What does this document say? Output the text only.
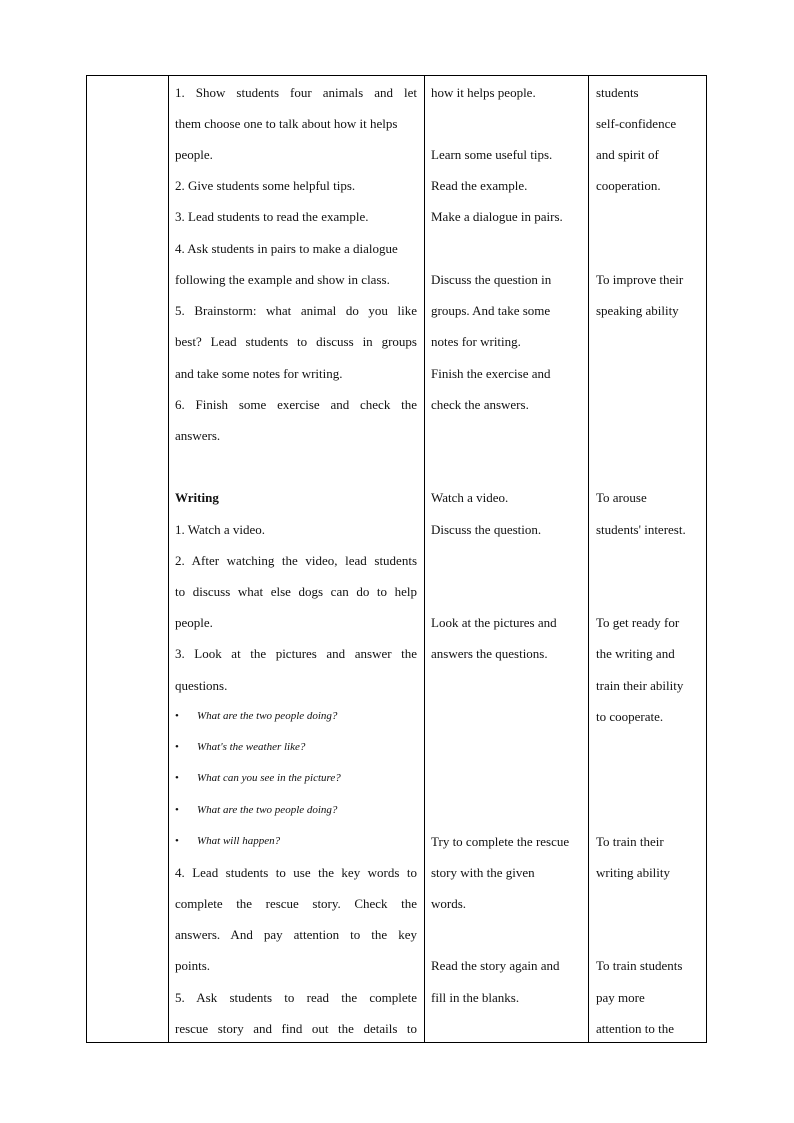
1. Show students four animals and let
them choose one to talk about how it helps
people.
2. Give students some helpful tips.
3. Lead students to read the example.
4. Ask students in pairs to make a dialogue
following the example and show in class.
5. Brainstorm: what animal do you like
best? Lead students to discuss in groups
and take some notes for writing.
6. Finish some exercise and check the
answers.
Writing
1. Watch a video.
2. After watching the video, lead students
to discuss what else dogs can do to help
people.
3. Look at the pictures and answer the
questions.
• What are the two people doing?
• What's the weather like?
• What can you see in the picture?
• What are the two people doing?
• What will happen?
4. Lead students to use the key words to
complete the rescue story. Check the
answers. And pay attention to the key
points.
5. Ask students to read the complete
rescue story and find out the details to
how it helps people.
Learn some useful tips.
Read the example.
Make a dialogue in pairs.
Discuss the question in
groups. And take some
notes for writing.
Finish the exercise and
check the answers.
Watch a video.
Discuss the question.
Look at the pictures and
answers the questions.
Try to complete the rescue
story with the given
words.
Read the story again and
fill in the blanks.
students
self-confidence
and spirit of
cooperation.
To improve their
speaking ability
To arouse
students' interest.
To get ready for
the writing and
train their ability
to cooperate.
To train their
writing ability
To train students
pay more
attention to the
